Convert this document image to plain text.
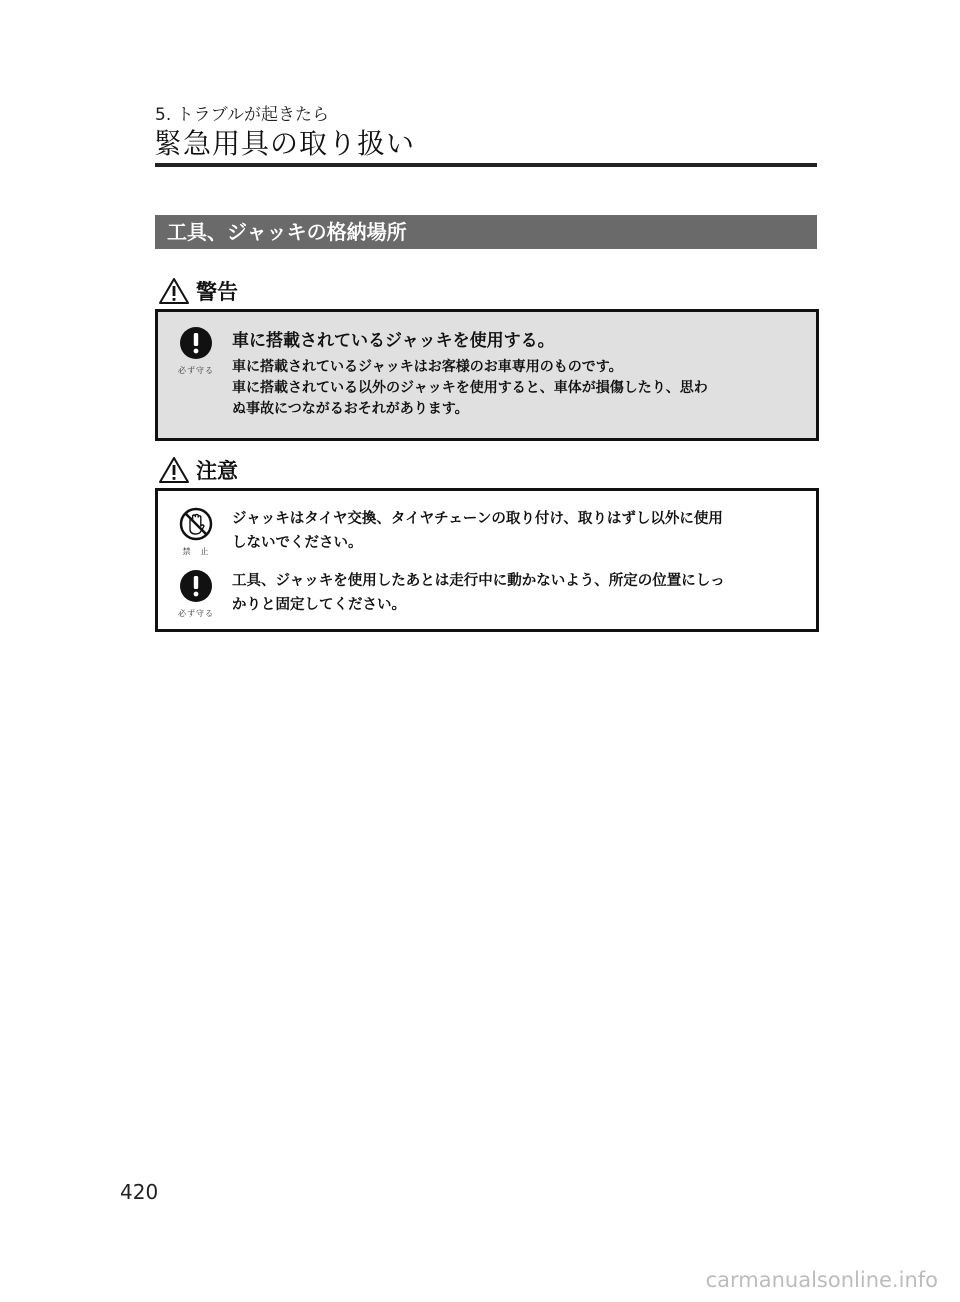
5. トラブルが起きたら
緊急用具の取り扱い
工具、ジャッキの格納場所
警告
必ず守る
車に搭載されているジャッキを使用する。
車に搭載されているジャッキはお客様のお車専用のものです。
車に搭載されている以外のジャッキを使用すると、車体が損傷したり、思わ
ぬ事故につながるおそれがあります。
注意
禁　止
ジャッキはタイヤ交換、タイヤチェーンの取り付け、取りはずし以外に使用
しないでください。
必ず守る
工具、ジャッキを使用したあとは走行中に動かないよう、所定の位置にしっ
かりと固定してください。
420
carmanualsonline.info
